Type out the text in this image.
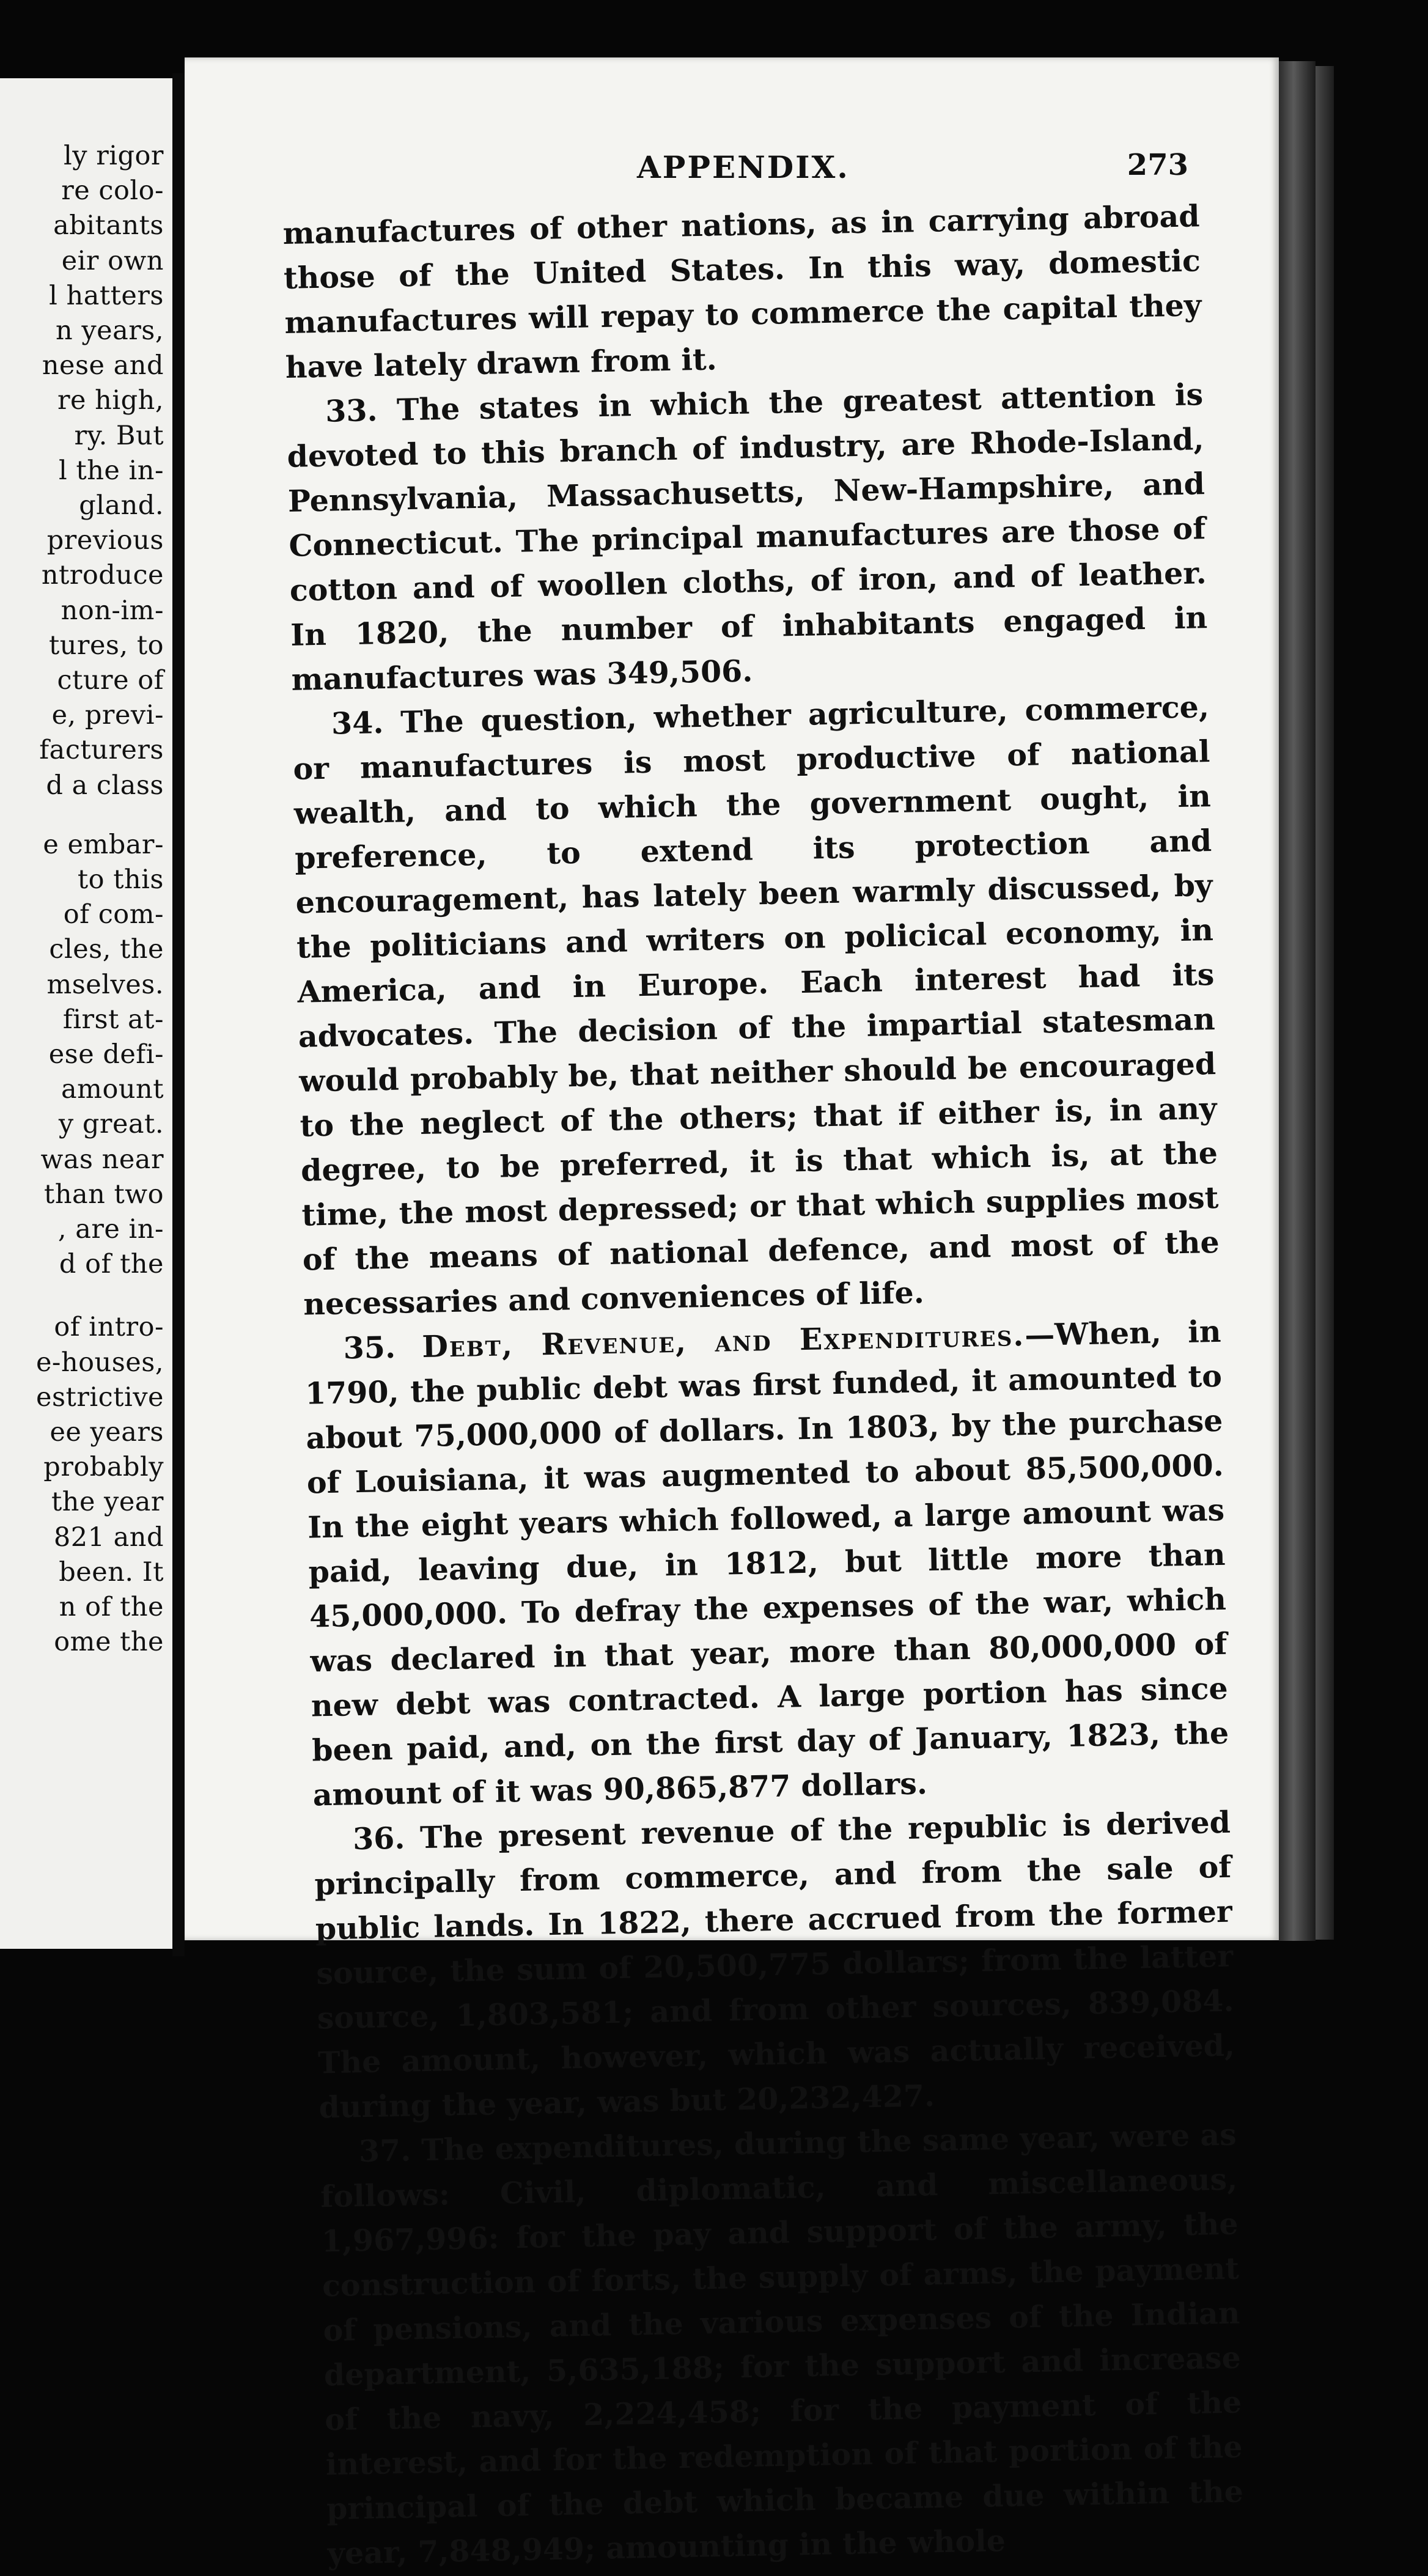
ly rigor
re colo-
abitants
eir own
l hatters
n years,
nese and
re high,
ry. But
l the in-
gland.
previous
ntroduce
non-im-
tures, to
cture of
e, previ-
facturers
d a class
e embar-
to this
of com-
cles, the
mselves.
first at-
ese defi-
amount
y great.
was near
than two
, are in-
d of the
of intro-
e-houses,
estrictive
ee years
probably
the year
821 and
been. It
n of the
ome the
APPENDIX.	273

manufactures of other nations, as in carrying abroad those of the United States. In this way, domestic manufactures will repay to commerce the capital they have lately drawn from it.

33. The states in which the greatest attention is devoted to this branch of industry, are Rhode-Island, Pennsylvania, Massachusetts, New-Hampshire, and Connecticut. The principal manufactures are those of cotton and of woollen cloths, of iron, and of leather. In 1820, the number of inhabitants engaged in manufactures was 349,506.

34. The question, whether agriculture, commerce, or manufactures is most productive of national wealth, and to which the government ought, in preference, to extend its protection and encouragement, has lately been warmly discussed, by the politicians and writers on policical economy, in America, and in Europe. Each interest had its advocates. The decision of the impartial statesman would probably be, that neither should be encouraged to the neglect of the others; that if either is, in any degree, to be preferred, it is that which is, at the time, the most depressed; or that which supplies most of the means of national defence, and most of the necessaries and conveniences of life.

35. Debt, Revenue, and Expenditures.—When, in 1790, the public debt was first funded, it amounted to about 75,000,000 of dollars. In 1803, by the purchase of Louisiana, it was augmented to about 85,500,000. In the eight years which followed, a large amount was paid, leaving due, in 1812, but little more than 45,000,000. To defray the expenses of the war, which was declared in that year, more than 80,000,000 of new debt was contracted. A large portion has since been paid, and, on the first day of January, 1823, the amount of it was 90,865,877 dollars.

36. The present revenue of the republic is derived principally from commerce, and from the sale of public lands. In 1822, there accrued from the former source, the sum of 20,500,775 dollars; from the latter source, 1,803,581; and from other sources, 839,084. The amount, however, which was actually received, during the year, was but 20,232,427.

37. The expenditures, during the same year, were as follows: Civil, diplomatic, and miscellaneous, 1,967,996: for the pay and support of the army, the construction of forts, the supply of arms, the payment of pensions, and the various expenses of the Indian department, 5,635,188; for the support and increase of the navy, 2,224,458; for the payment of the interest, and for the redemption of that portion of the principal of the debt which became due within the year, 7,848,949; amounting in the whole
